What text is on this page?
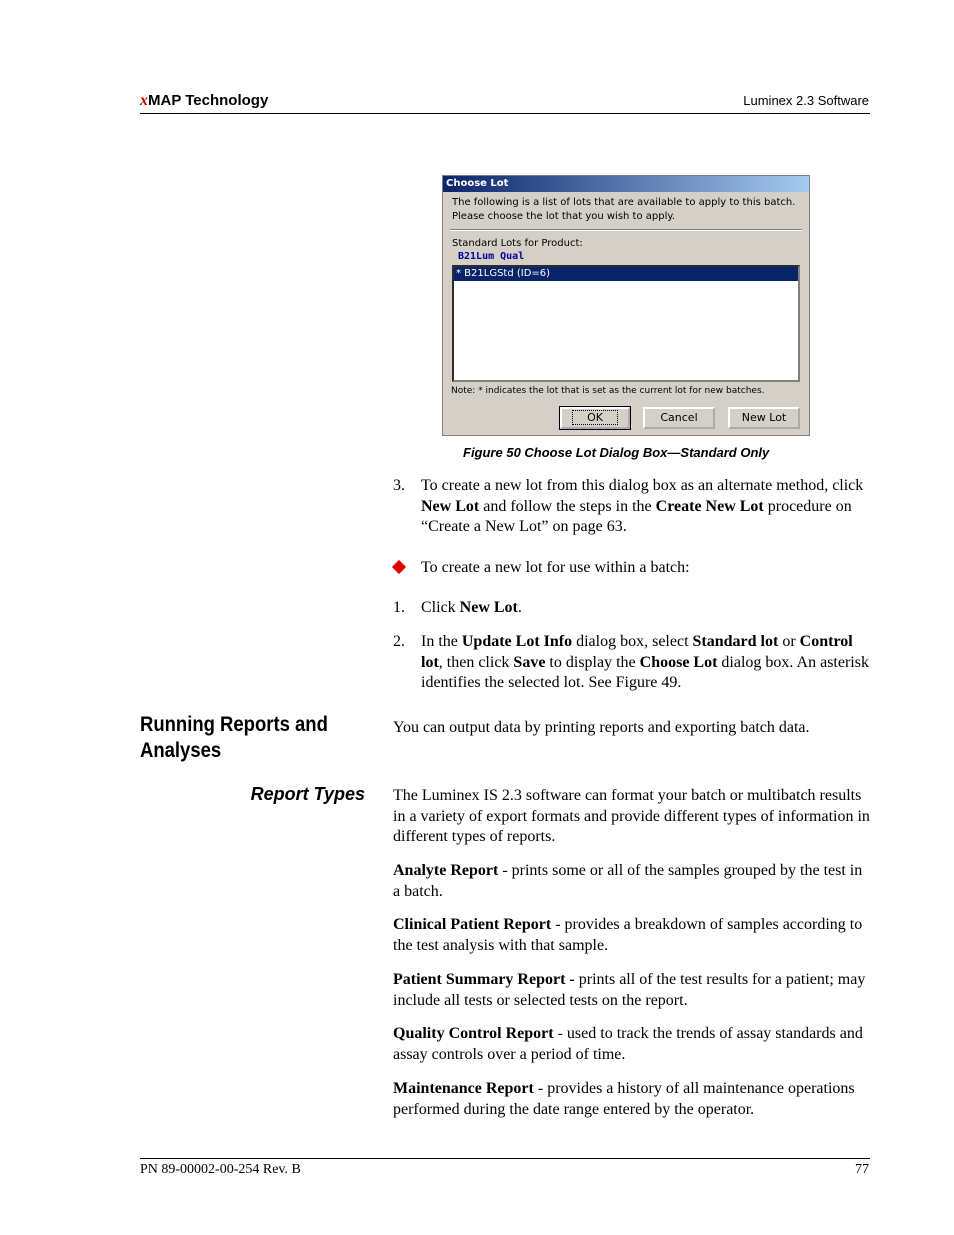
xMAP Technology	Luminex 2.3 Software
Choose Lot
The following is a list of lots that are available to apply to this batch.
Please choose the lot that you wish to apply.
Standard Lots for Product:
B21Lum Qual
* B21LGStd (ID=6)
Note: * indicates the lot that is set as the current lot for new batches.
OK	Cancel	New Lot
Figure 50 Choose Lot Dialog Box—Standard Only
3. To create a new lot from this dialog box as an alternate method, click New Lot and follow the steps in the Create New Lot procedure on “Create a New Lot” on page 63.
To create a new lot for use within a batch:
1. Click New Lot.
2. In the Update Lot Info dialog box, select Standard lot or Control lot, then click Save to display the Choose Lot dialog box. An asterisk identifies the selected lot. See Figure 49.
Running Reports and
Analyses
You can output data by printing reports and exporting batch data.
Report Types The Luminex IS 2.3 software can format your batch or multibatch results in a variety of export formats and provide different types of information in different types of reports.
Analyte Report - prints some or all of the samples grouped by the test in a batch.
Clinical Patient Report - provides a breakdown of samples according to the test analysis with that sample.
Patient Summary Report - prints all of the test results for a patient; may include all tests or selected tests on the report.
Quality Control Report - used to track the trends of assay standards and assay controls over a period of time.
Maintenance Report - provides a history of all maintenance operations performed during the date range entered by the operator.
PN 89-00002-00-254 Rev. B	77
